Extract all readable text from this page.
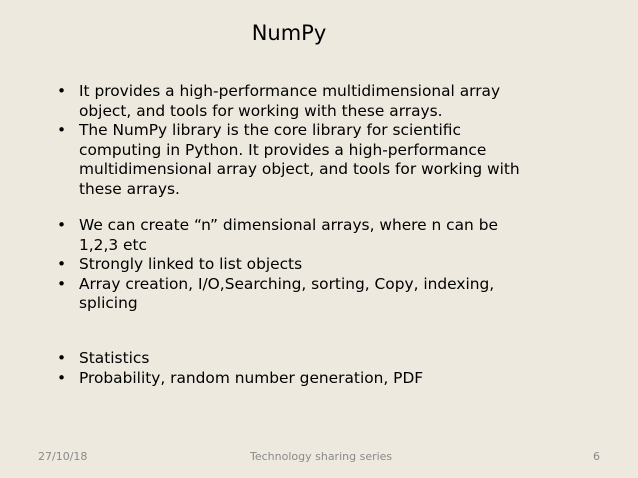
NumPy
• It provides a high-performance multidimensional array object, and tools for working with these arrays.
• The NumPy library is the core library for scientific computing in Python. It provides a high-performance multidimensional array object, and tools for working with these arrays.
• We can create “n” dimensional arrays, where n can be 1,2,3 etc
• Strongly linked to list objects
• Array creation, I/O,Searching, sorting, Copy, indexing, splicing
• Statistics
• Probability, random number generation, PDF
27/10/18	Technology sharing series	6
